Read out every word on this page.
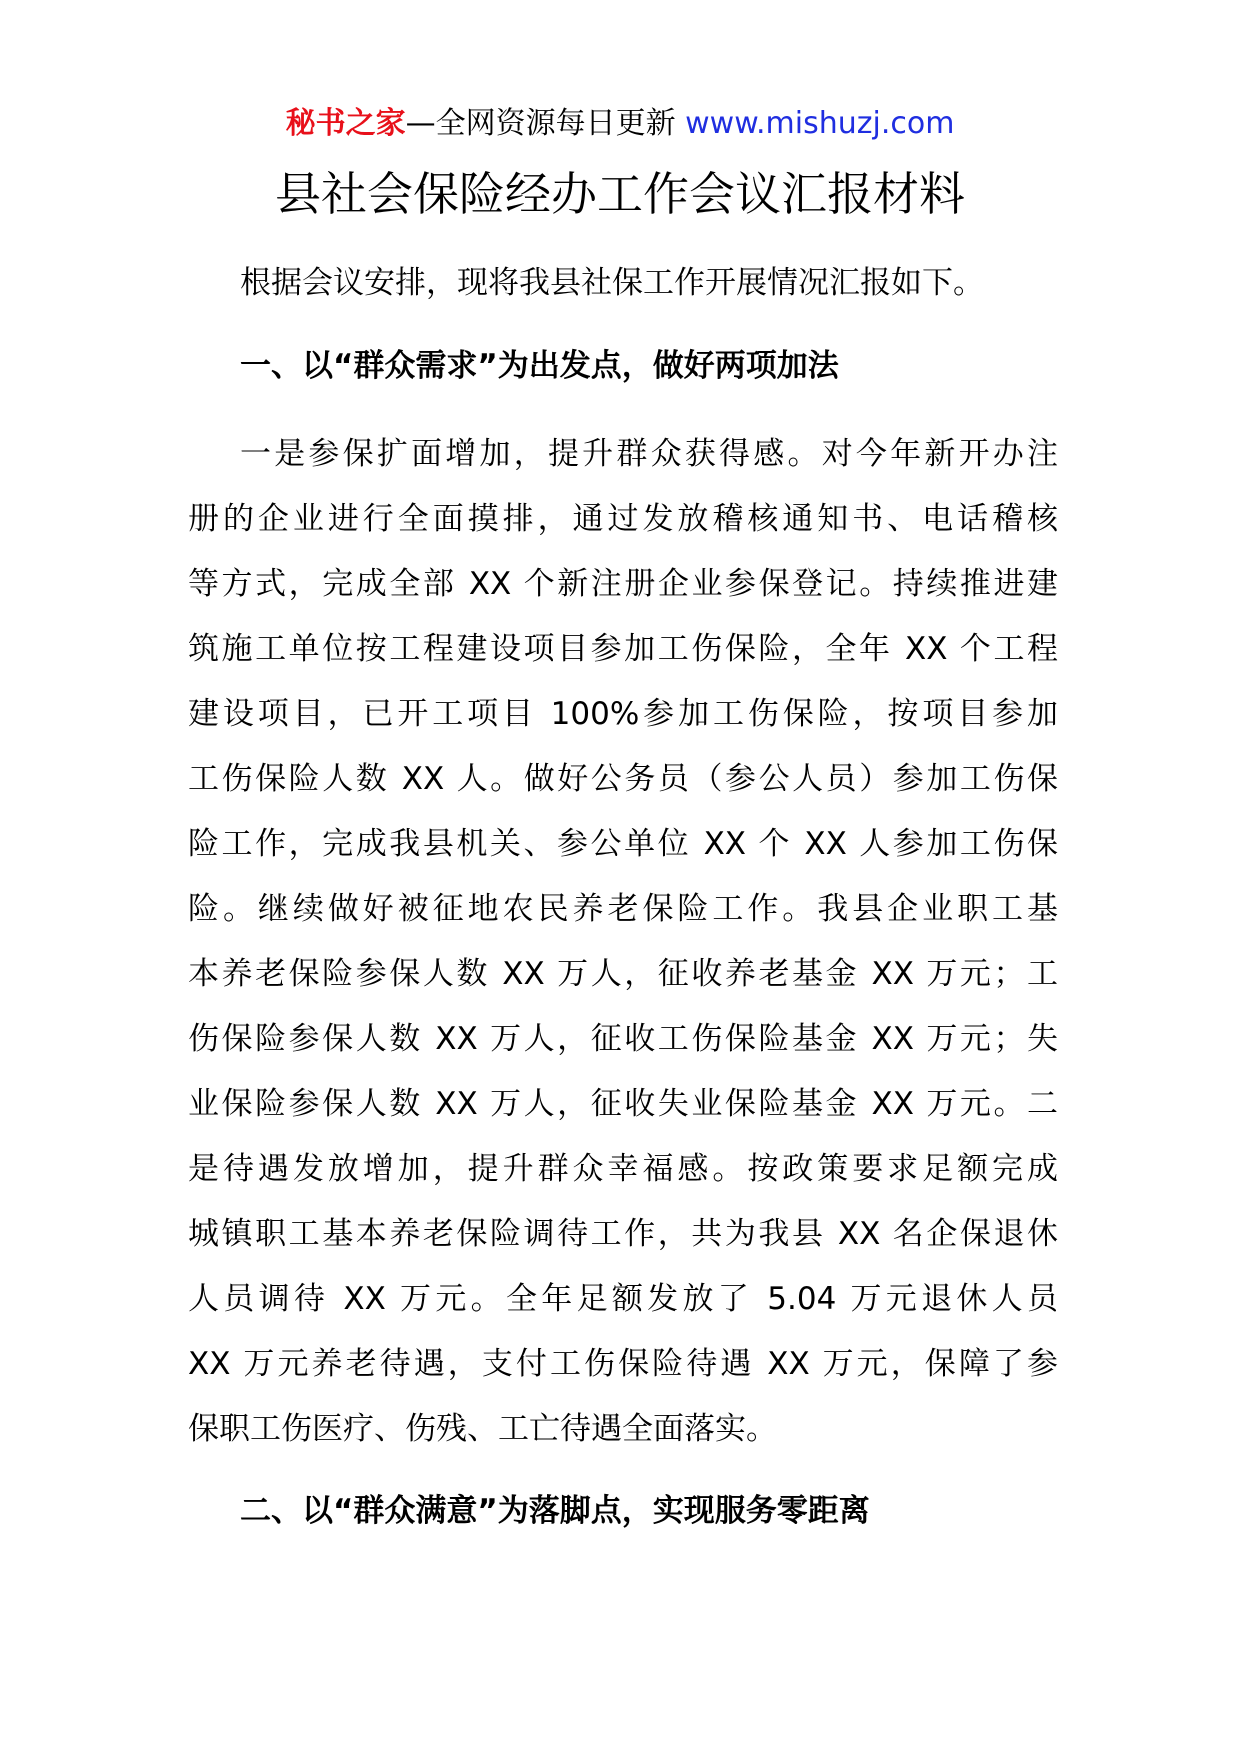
秘书之家—全网资源每日更新 www.mishuzj.com
县社会保险经办工作会议汇报材料

根据会议安排，现将我县社保工作开展情况汇报如下。

一、以“群众需求”为出发点，做好两项加法
一是参保扩面增加，提升群众获得感。对今年新开办注
册的企业进行全面摸排，通过发放稽核通知书、电话稽核
等方式，完成全部 XX 个新注册企业参保登记。持续推进建
筑施工单位按工程建设项目参加工伤保险，全年 XX 个工程
建设项目，已开工项目 100%参加工伤保险，按项目参加
工伤保险人数 XX 人。做好公务员（参公人员）参加工伤保
险工作，完成我县机关、参公单位 XX 个 XX 人参加工伤保
险。继续做好被征地农民养老保险工作。我县企业职工基
本养老保险参保人数 XX 万人，征收养老基金 XX 万元；工
伤保险参保人数 XX 万人，征收工伤保险基金 XX 万元；失
业保险参保人数 XX 万人，征收失业保险基金 XX 万元。二
是待遇发放增加，提升群众幸福感。按政策要求足额完成
城镇职工基本养老保险调待工作，共为我县 XX 名企保退休
人员调待 XX 万元。全年足额发放了 5.04 万元退休人员
XX 万元养老待遇，支付工伤保险待遇 XX 万元，保障了参
保职工伤医疗、伤残、工亡待遇全面落实。
二、以“群众满意”为落脚点，实现服务零距离
